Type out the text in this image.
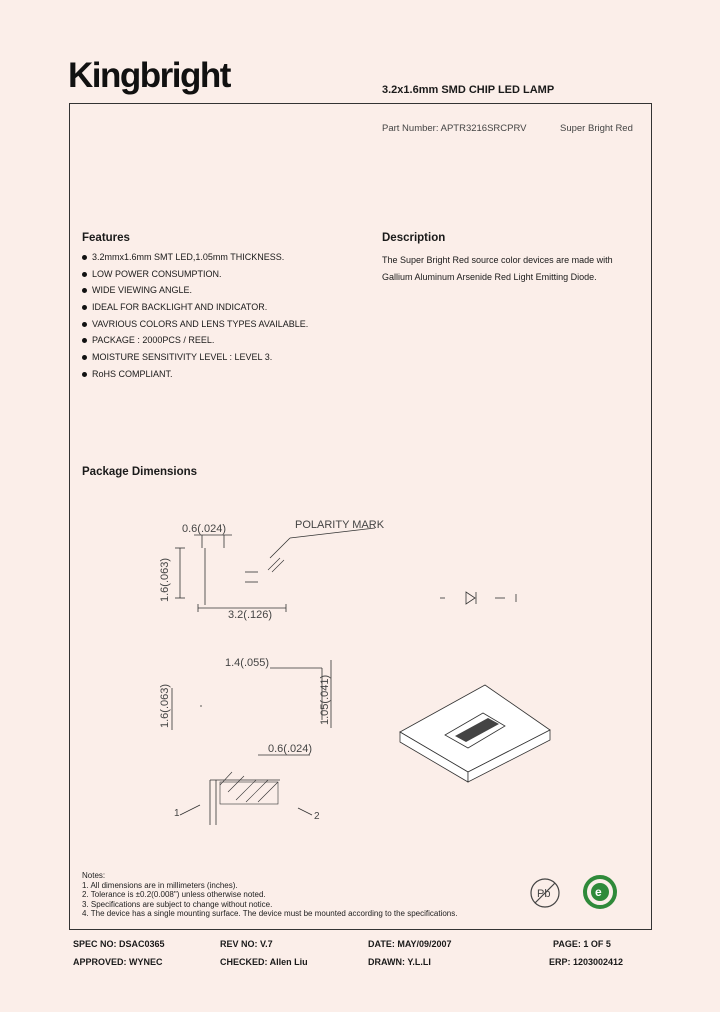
Kingbright	3.2x1.6mm SMD CHIP LED LAMP
Part Number: APTR3216SRCPRV	Super Bright Red
Features
3.2mmx1.6mm SMT LED,1.05mm THICKNESS.
LOW POWER CONSUMPTION.
WIDE VIEWING ANGLE.
IDEAL FOR BACKLIGHT AND INDICATOR.
VAVRIOUS COLORS AND LENS TYPES AVAILABLE.
PACKAGE : 2000PCS / REEL.
MOISTURE SENSITIVITY LEVEL : LEVEL 3.
RoHS COMPLIANT.
Description
The Super Bright Red source color devices are made with Gallium Aluminum Arsenide Red Light Emitting Diode.
Package Dimensions
0.6(.024)	POLARITY MARK
1.6(.063)
3.2(.126)
1.4(.055)
1.6(.063)	1.05(.041)
0.6(.024)
1	2
Notes:
1. All dimensions are in millimeters (inches).
2. Tolerance is ±0.2(0.008") unless otherwise noted.
3. Specifications are subject to change without notice.
4. The device has a single mounting surface. The device must be mounted according to the specifications.
Pb	e
SPEC NO: DSAC0365	REV NO: V.7	DATE: MAY/09/2007	PAGE: 1 OF 5
APPROVED: WYNEC	CHECKED: Allen Liu	DRAWN: Y.L.LI	ERP: 1203002412
